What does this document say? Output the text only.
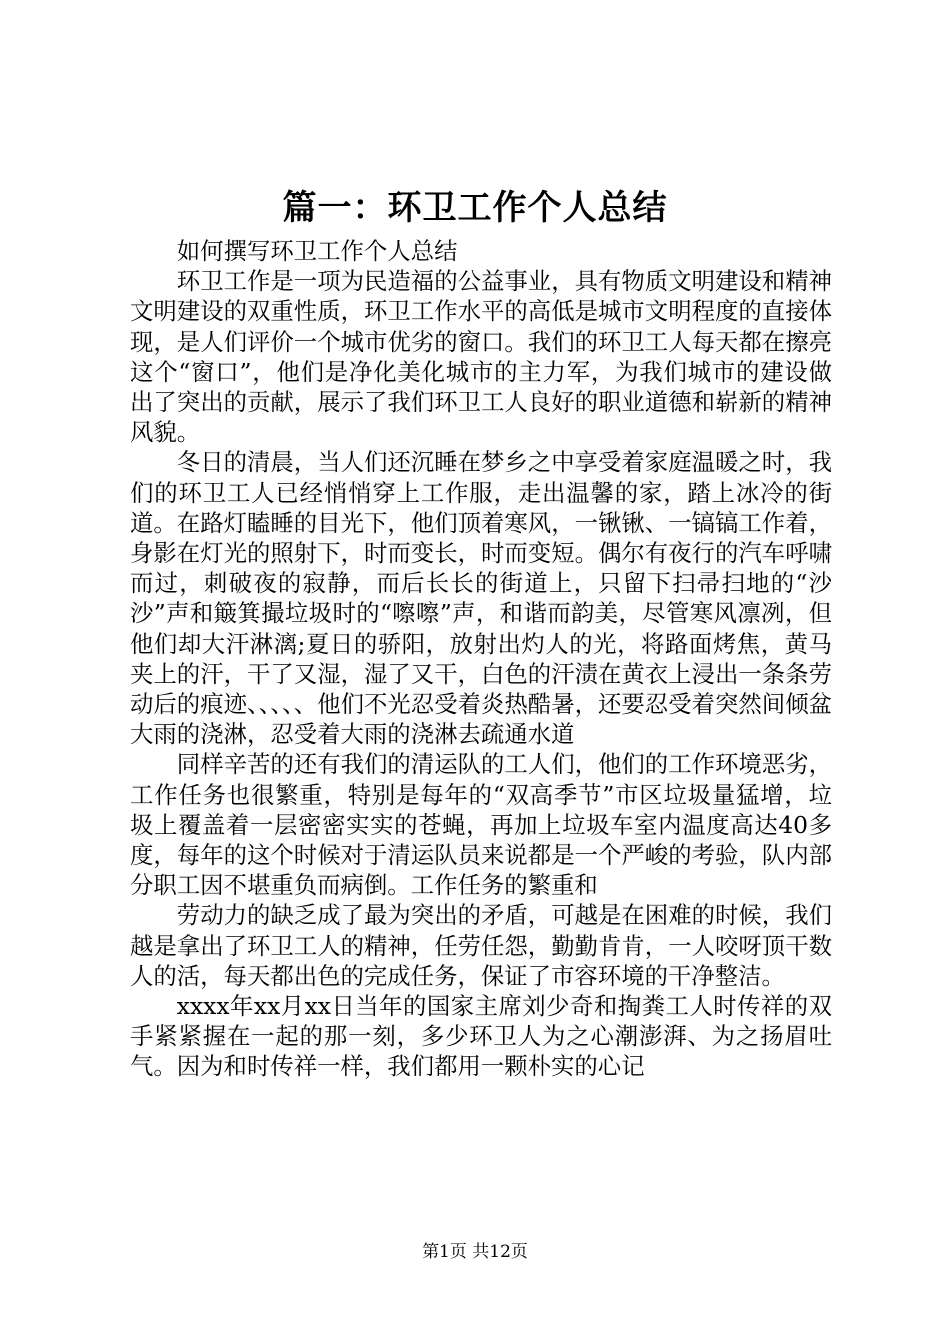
篇一：环卫工作个人总结

如何撰写环卫工作个人总结

环卫工作是一项为民造福的公益事业，具有物质文明建设和精神文明建设的双重性质，环卫工作水平的高低是城市文明程度的直接体现，是人们评价一个城市优劣的窗口。我们的环卫工人每天都在擦亮这个“窗口”，他们是净化美化城市的主力军，为我们城市的建设做出了突出的贡献，展示了我们环卫工人良好的职业道德和崭新的精神风貌。

冬日的清晨，当人们还沉睡在梦乡之中享受着家庭温暖之时，我们的环卫工人已经悄悄穿上工作服，走出温馨的家，踏上冰冷的街道。在路灯瞌睡的目光下，他们顶着寒风，一锹锹、一镐镐工作着，身影在灯光的照射下，时而变长，时而变短。偶尔有夜行的汽车呼啸而过，刺破夜的寂静，而后长长的街道上，只留下扫帚扫地的“沙沙”声和簸箕撮垃圾时的“嚓嚓”声，和谐而韵美，尽管寒风凛冽，但他们却大汗淋漓;夏日的骄阳，放射出灼人的光，将路面烤焦，黄马夹上的汗，干了又湿，湿了又干，白色的汗渍在黄衣上浸出一条条劳动后的痕迹、、、、、他们不光忍受着炎热酷暑，还要忍受着突然间倾盆大雨的浇淋，忍受着大雨的浇淋去疏通水道

同样辛苦的还有我们的清运队的工人们，他们的工作环境恶劣，工作任务也很繁重，特别是每年的“双高季节”市区垃圾量猛增，垃圾上覆盖着一层密密实实的苍蝇，再加上垃圾车室内温度高达40多度，每年的这个时候对于清运队员来说都是一个严峻的考验，队内部分职工因不堪重负而病倒。工作任务的繁重和

劳动力的缺乏成了最为突出的矛盾，可越是在困难的时候，我们越是拿出了环卫工人的精神，任劳任怨，勤勤肯肯，一人咬呀顶干数人的活，每天都出色的完成任务，保证了市容环境的干净整洁。

xxxx年xx月xx日当年的国家主席刘少奇和掏粪工人时传祥的双手紧紧握在一起的那一刻，多少环卫人为之心潮澎湃、为之扬眉吐气。因为和时传祥一样，我们都用一颗朴实的心记

第1页 共12页
